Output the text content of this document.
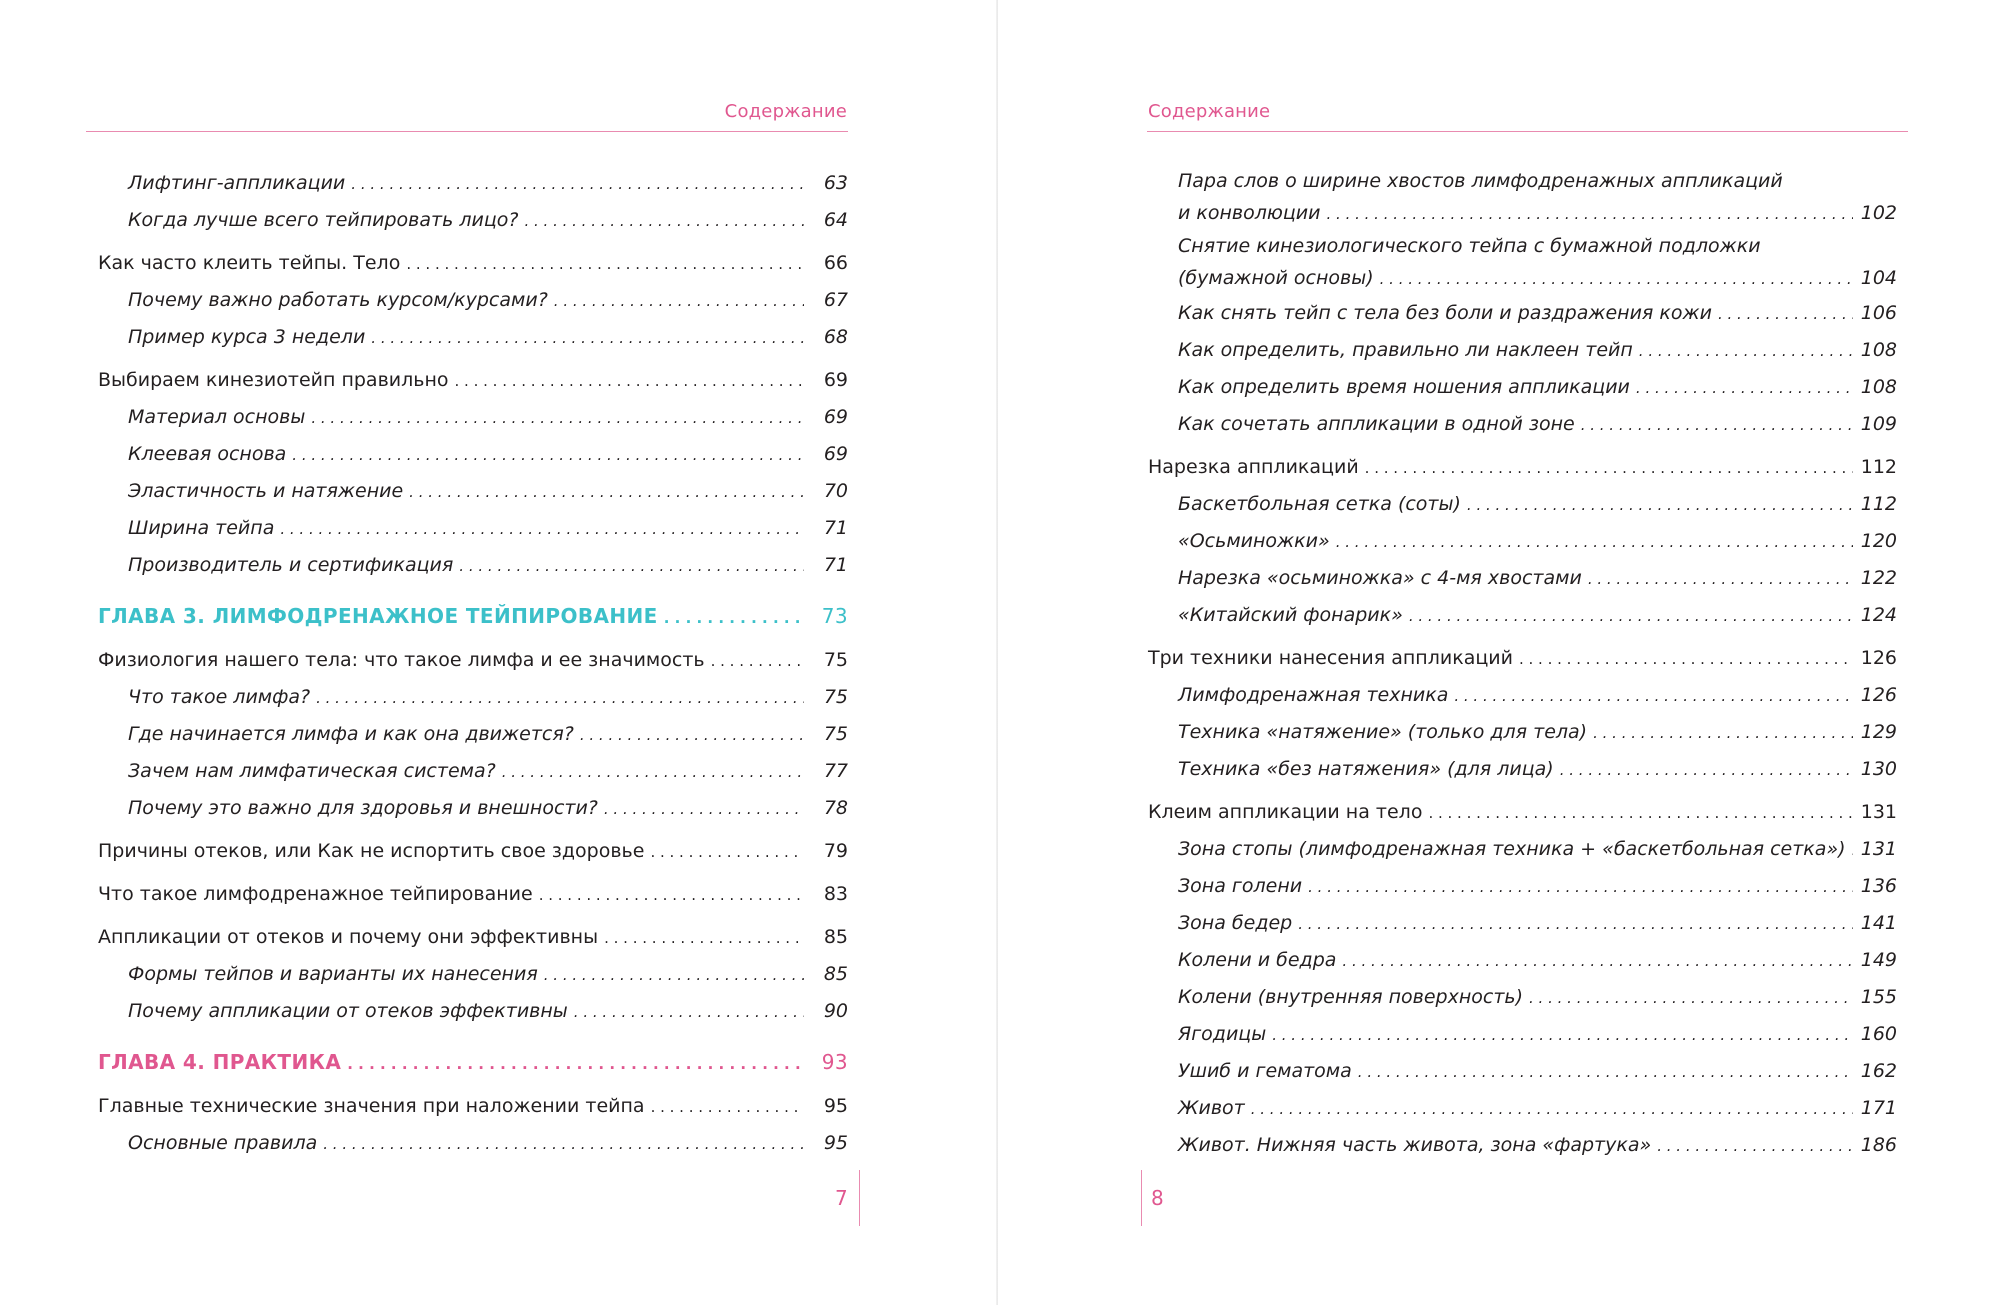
Содержание
Лифтинг-аппликации . . .	63
Когда лучше всего тейпировать лицо? . . .	64
Как часто клеить тейпы. Тело . . .	66
Почему важно работать курсом/курсами? . . .	67
Пример курса 3 недели . . .	68
Выбираем кинезиотейп правильно . . .	69
Материал основы . . .	69
Клеевая основа . . .	69
Эластичность и натяжение . . .	70
Ширина тейпа . . .	71
Производитель и сертификация . . .	71
ГЛАВА 3. ЛИМФОДРЕНАЖНОЕ ТЕЙПИРОВАНИЕ . . .	73
Физиология нашего тела: что такое лимфа и ее значимость . . .	75
Что такое лимфа? . . .	75
Где начинается лимфа и как она движется? . . .	75
Зачем нам лимфатическая система? . . .	77
Почему это важно для здоровья и внешности? . . .	78
Причины отеков, или Как не испортить свое здоровье . . .	79
Что такое лимфодренажное тейпирование . . .	83
Аппликации от отеков и почему они эффективны . . .	85
Формы тейпов и варианты их нанесения . . .	85
Почему аппликации от отеков эффективны . . .	90
ГЛАВА 4. ПРАКТИКА . . .	93
Главные технические значения при наложении тейпа . . .	95
Основные правила . . .	95
7
Содержание
Пара слов о ширине хвостов лимфодренажных аппликаций
и конволюции . . .	102
Снятие кинезиологического тейпа с бумажной подложки
(бумажной основы) . . .	104
Как снять тейп с тела без боли и раздражения кожи . . .	106
Как определить, правильно ли наклеен тейп . . .	108
Как определить время ношения аппликации . . .	108
Как сочетать аппликации в одной зоне . . .	109
Нарезка аппликаций . . .	112
Баскетбольная сетка (соты) . . .	112
«Осьминожки» . . .	120
Нарезка «осьминожка» с 4-мя хвостами . . .	122
«Китайский фонарик» . . .	124
Три техники нанесения аппликаций . . .	126
Лимфодренажная техника . . .	126
Техника «натяжение» (только для тела) . . .	129
Техника «без натяжения» (для лица) . . .	130
Клеим аппликации на тело . . .	131
Зона стопы (лимфодренажная техника + «баскетбольная сетка») . . . 131
Зона голени . . .	136
Зона бедер . . .	141
Колени и бедра . . .	149
Колени (внутренняя поверхность) . . .	155
Ягодицы . . .	160
Ушиб и гематома . . .	162
Живот . . .	171
Живот. Нижняя часть живота, зона «фартука» . . .	186
8
